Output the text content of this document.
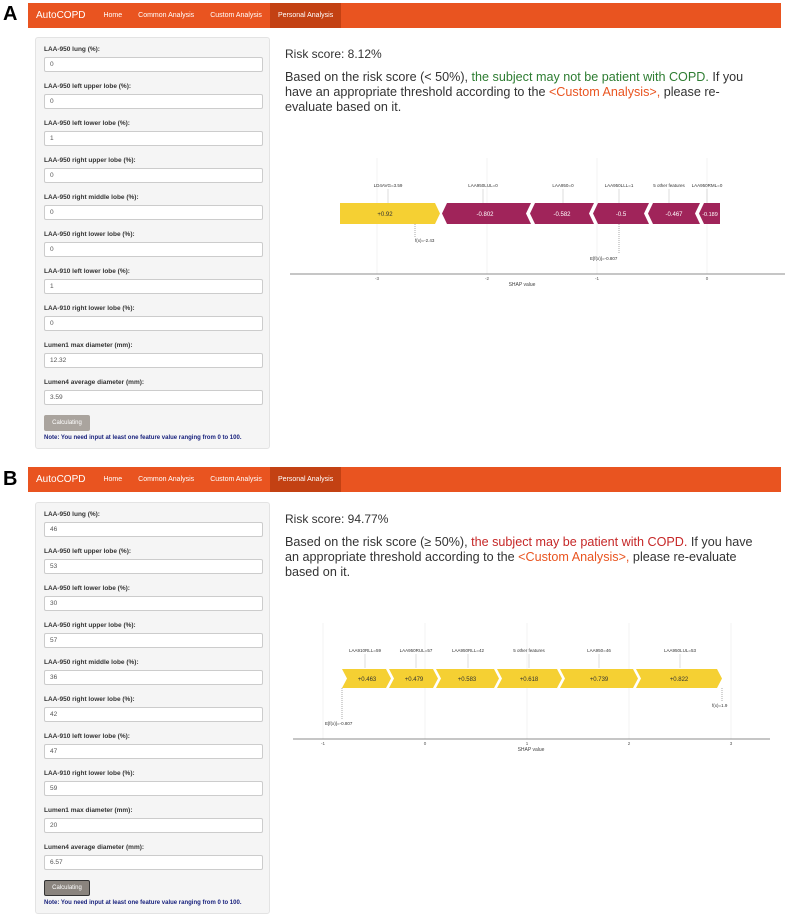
A	AutoCOPD	Home	Common Analysis	Custom Analysis	Personal Analysis
LAA-950 lung (%):
0
LAA-950 left upper lobe (%):
0
LAA-950 left lower lobe (%):
1
LAA-950 right upper lobe (%):
0
LAA-950 right middle lobe (%):
0
LAA-950 right lower lobe (%):
0
LAA-910 left lower lobe (%):
1
LAA-910 right lower lobe (%):
0
Lumen1 max diameter (mm):
12.32
Lumen4 average diameter (mm):
3.59
Calculating
Note: You need input at least one feature value ranging from 0 to 100.
Risk score: 8.12%
Based on the risk score (< 50%), the subject may not be patient with COPD. If you have an appropriate threshold according to the <Custom Analysis>, please re-evaluate based on it.
LD4AVG=3.59	LAA950LUL=0	LAA950=0	LAA950LLL=1	5 other features LAA950RML=0
+0.92	-0.802	-0.582	-0.5	-0.467	-0.189
f(x)=-2.43
E[f(x)]=-0.807
-3	-2	-1	0
SHAP value
B	AutoCOPD	Home	Common Analysis	Custom Analysis	Personal Analysis
LAA-950 lung (%):
46
LAA-950 left upper lobe (%):
53
LAA-950 left lower lobe (%):
30
LAA-950 right upper lobe (%):
57
LAA-950 right middle lobe (%):
36
LAA-950 right lower lobe (%):
42
LAA-910 left lower lobe (%):
47
LAA-910 right lower lobe (%):
59
Lumen1 max diameter (mm):
20
Lumen4 average diameter (mm):
6.57
Calculating
Note: You need input at least one feature value ranging from 0 to 100.
Risk score: 94.77%
Based on the risk score (≥ 50%), the subject may be patient with COPD. If you have an appropriate threshold according to the <Custom Analysis>, please re-evaluate based on it.
LAA910RLL=59	LAA950RUL=57	LAA950RLL=42	5 other features	LAA950=46	LAA950LUL=53
+0.463	+0.479	+0.583	+0.618	+0.739	+0.822
E[f(x)]=-0.807
f(x)=1.9
-1	0	1	2	3
SHAP value
